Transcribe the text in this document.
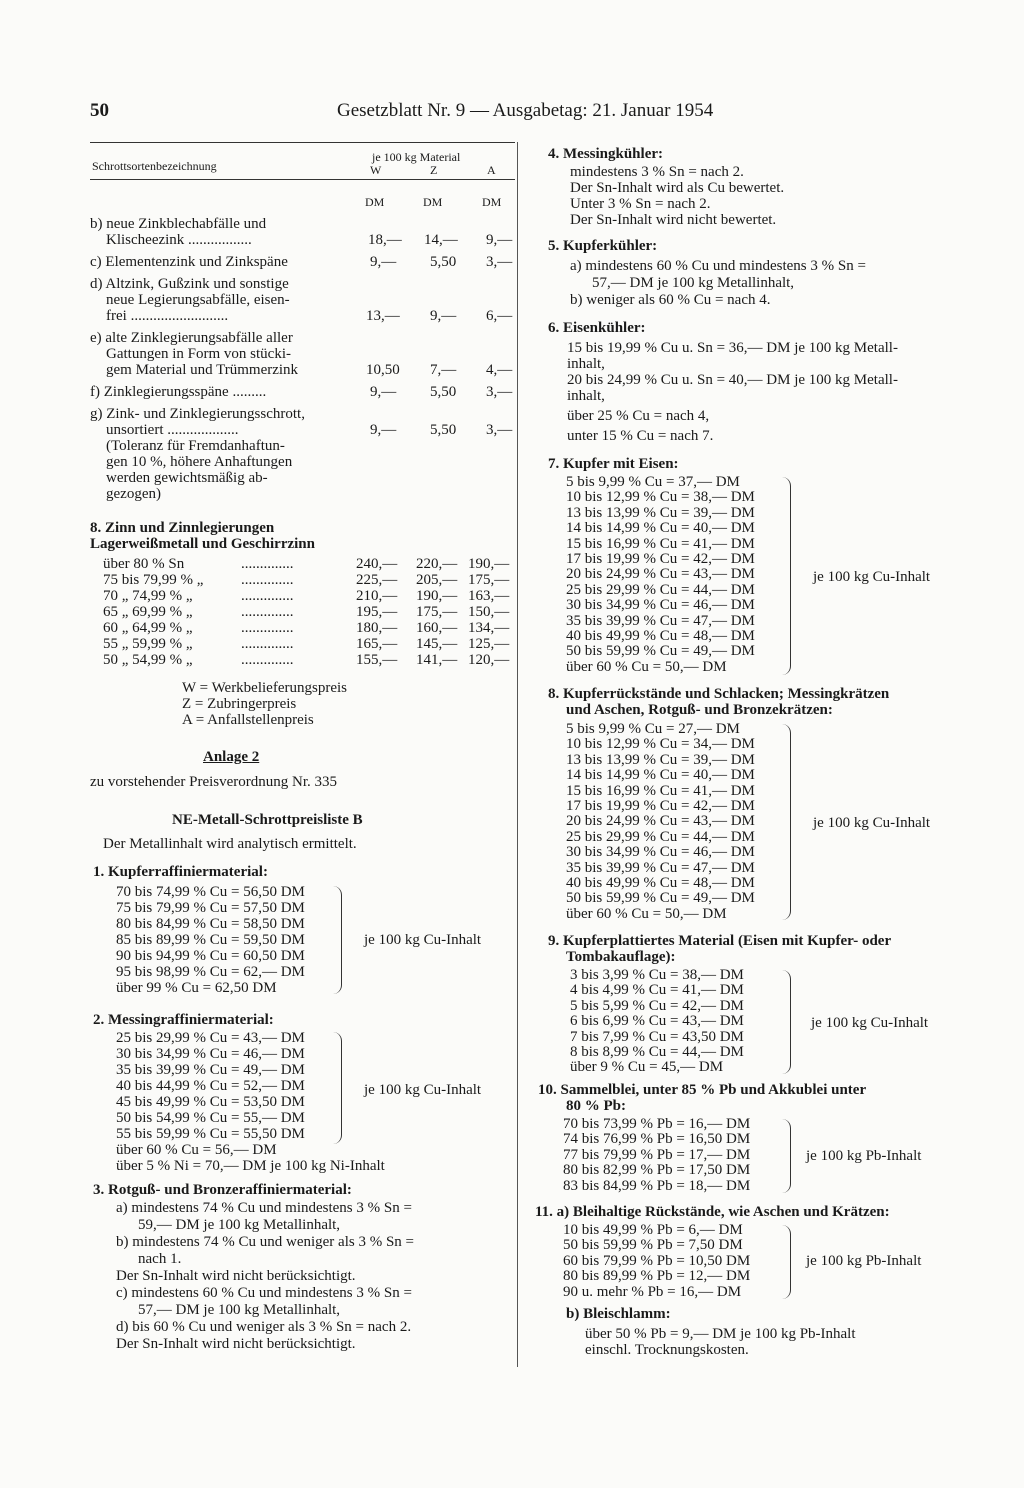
50	Gesetzblatt Nr. 9 — Ausgabetag: 21. Januar 1954
Schrottsortenbezeichnung
je 100 kg Material
W	Z	A
DM	DM	DM
b) neue Zinkblechabfälle und
Klischeezink .................	18,— 14,— 9,—
c) Elementenzink und Zinkspäne	9,— 5,50 3,—
d) Altzink, Gußzink und sonstige
neue Legierungsabfälle, eisen-
frei ..........................	13,— 9,— 6,—
e) alte Zinklegierungsabfälle aller
Gattungen in Form von stücki-
gem Material und Trümmerzink	10,50 7,— 4,—
f) Zinklegierungsspäne .........	9,— 5,50 3,—
g) Zink- und Zinklegierungsschrott,
unsortiert ...................	9,— 5,50 3,—
(Toleranz für Fremdanhaftun-
gen 10 %, höhere Anhaftungen
werden gewichtsmäßig ab-
gezogen)
8. Zinn und Zinnlegierungen
Lagerweißmetall und Geschirrzinn
über 80 % Sn	..............	240,— 220,— 190,—
75 bis 79,99 % „	..............	225,— 205,— 175,—
70 „ 74,99 % „	..............	210,— 190,— 163,—
65 „ 69,99 % „	..............	195,— 175,— 150,—
60 „ 64,99 % „	..............	180,— 160,— 134,—
55 „ 59,99 % „	..............	165,— 145,— 125,—
50 „ 54,99 % „	..............	155,— 141,— 120,—
W = Werkbelieferungspreis
Z = Zubringerpreis
A = Anfallstellenpreis
Anlage 2
zu vorstehender Preisverordnung Nr. 335
NE-Metall-Schrottpreisliste B
Der Metallinhalt wird analytisch ermittelt.
1. Kupferraffiniermaterial:
70 bis 74,99 % Cu = 56,50 DM
75 bis 79,99 % Cu = 57,50 DM
80 bis 84,99 % Cu = 58,50 DM
85 bis 89,99 % Cu = 59,50 DM
90 bis 94,99 % Cu = 60,50 DM
95 bis 98,99 % Cu = 62,— DM
über 99 % Cu = 62,50 DM
je 100 kg Cu-Inhalt
2. Messingraffiniermaterial:
25 bis 29,99 % Cu = 43,— DM
30 bis 34,99 % Cu = 46,— DM
35 bis 39,99 % Cu = 49,— DM
40 bis 44,99 % Cu = 52,— DM
45 bis 49,99 % Cu = 53,50 DM
50 bis 54,99 % Cu = 55,— DM
55 bis 59,99 % Cu = 55,50 DM
über 60 % Cu = 56,— DM
über 5 % Ni = 70,— DM je 100 kg Ni-Inhalt
je 100 kg Cu-Inhalt
3. Rotguß- und Bronzeraffiniermaterial:
a) mindestens 74 % Cu und mindestens 3 % Sn =
59,— DM je 100 kg Metallinhalt,
b) mindestens 74 % Cu und weniger als 3 % Sn =
nach 1.
Der Sn-Inhalt wird nicht berücksichtigt.
c) mindestens 60 % Cu und mindestens 3 % Sn =
57,— DM je 100 kg Metallinhalt,
d) bis 60 % Cu und weniger als 3 % Sn = nach 2.
Der Sn-Inhalt wird nicht berücksichtigt.
4. Messingkühler:
mindestens 3 % Sn = nach 2.
Der Sn-Inhalt wird als Cu bewertet.
Unter 3 % Sn = nach 2.
Der Sn-Inhalt wird nicht bewertet.
5. Kupferkühler:
a) mindestens 60 % Cu und mindestens 3 % Sn =
57,— DM je 100 kg Metallinhalt,
b) weniger als 60 % Cu = nach 4.
6. Eisenkühler:
15 bis 19,99 % Cu u. Sn = 36,— DM je 100 kg Metall-
inhalt,
20 bis 24,99 % Cu u. Sn = 40,— DM je 100 kg Metall-
inhalt,
über 25 % Cu = nach 4,
unter 15 % Cu = nach 7.
7. Kupfer mit Eisen:
5 bis 9,99 % Cu = 37,— DM
10 bis 12,99 % Cu = 38,— DM
13 bis 13,99 % Cu = 39,— DM
14 bis 14,99 % Cu = 40,— DM
15 bis 16,99 % Cu = 41,— DM
17 bis 19,99 % Cu = 42,— DM
20 bis 24,99 % Cu = 43,— DM
25 bis 29,99 % Cu = 44,— DM
30 bis 34,99 % Cu = 46,— DM
35 bis 39,99 % Cu = 47,— DM
40 bis 49,99 % Cu = 48,— DM
50 bis 59,99 % Cu = 49,— DM
über 60 % Cu = 50,— DM
je 100 kg Cu-Inhalt
8. Kupferrückstände und Schlacken; Messingkrätzen
und Aschen, Rotguß- und Bronzekrätzen:
5 bis 9,99 % Cu = 27,— DM
10 bis 12,99 % Cu = 34,— DM
13 bis 13,99 % Cu = 39,— DM
14 bis 14,99 % Cu = 40,— DM
15 bis 16,99 % Cu = 41,— DM
17 bis 19,99 % Cu = 42,— DM
20 bis 24,99 % Cu = 43,— DM
25 bis 29,99 % Cu = 44,— DM
30 bis 34,99 % Cu = 46,— DM
35 bis 39,99 % Cu = 47,— DM
40 bis 49,99 % Cu = 48,— DM
50 bis 59,99 % Cu = 49,— DM
über 60 % Cu = 50,— DM
je 100 kg Cu-Inhalt
9. Kupferplattiertes Material (Eisen mit Kupfer- oder
Tombakauflage):
3 bis 3,99 % Cu = 38,— DM
4 bis 4,99 % Cu = 41,— DM
5 bis 5,99 % Cu = 42,— DM
6 bis 6,99 % Cu = 43,— DM
7 bis 7,99 % Cu = 43,50 DM
8 bis 8,99 % Cu = 44,— DM
über 9 % Cu = 45,— DM
je 100 kg Cu-Inhalt
10. Sammelblei, unter 85 % Pb und Akkublei unter
80 % Pb:
70 bis 73,99 % Pb = 16,— DM
74 bis 76,99 % Pb = 16,50 DM
77 bis 79,99 % Pb = 17,— DM
80 bis 82,99 % Pb = 17,50 DM
83 bis 84,99 % Pb = 18,— DM
je 100 kg Pb-Inhalt
11. a) Bleihaltige Rückstände, wie Aschen und Krätzen:
10 bis 49,99 % Pb = 6,— DM
50 bis 59,99 % Pb = 7,50 DM
60 bis 79,99 % Pb = 10,50 DM
80 bis 89,99 % Pb = 12,— DM
90 u. mehr % Pb = 16,— DM
je 100 kg Pb-Inhalt
b) Bleischlamm:
über 50 % Pb = 9,— DM je 100 kg Pb-Inhalt
einschl. Trocknungskosten.
